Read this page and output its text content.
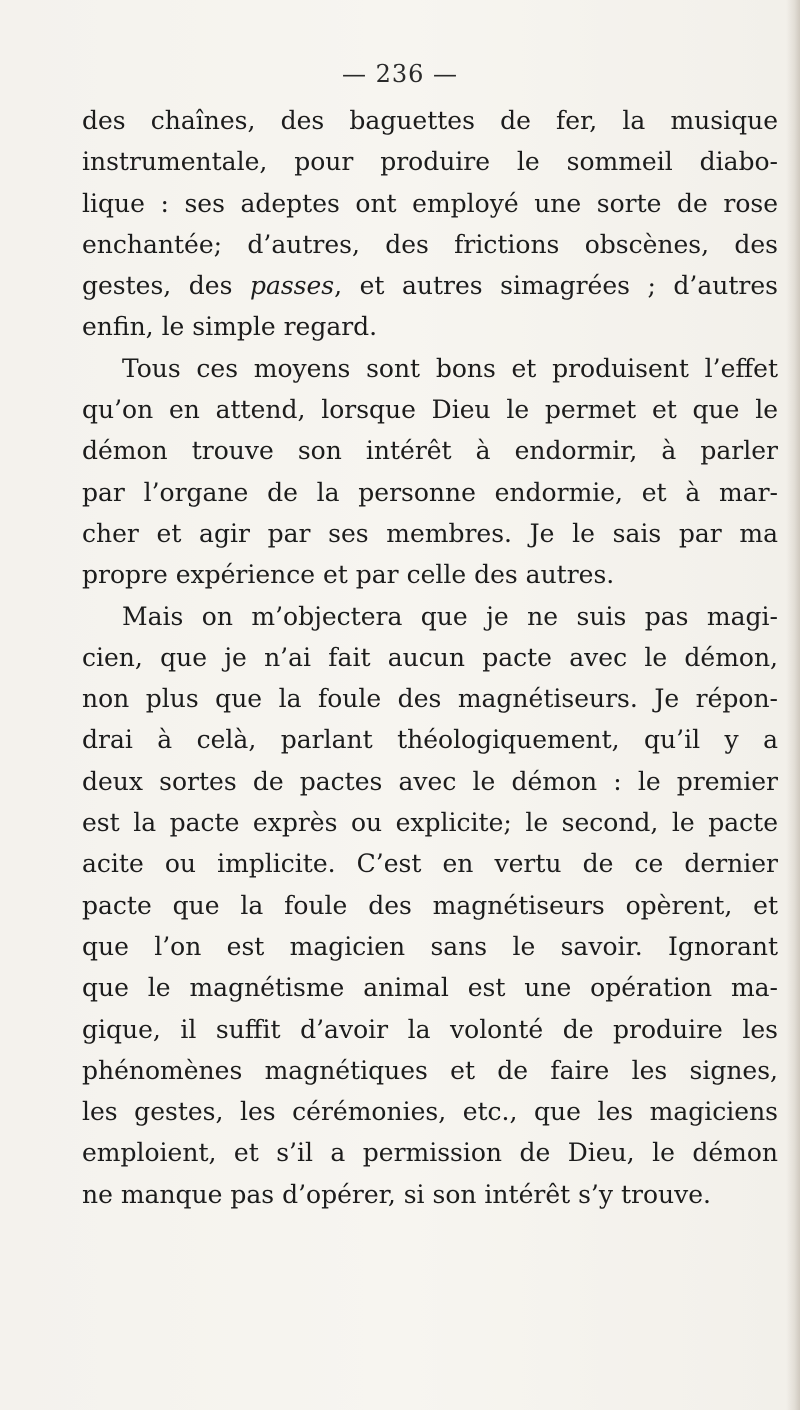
— 236 —
des chaînes, des baguettes de fer, la musique
instrumentale, pour produire le sommeil diabo-
lique : ses adeptes ont employé une sorte de rose
enchantée; d’autres, des frictions obscènes, des
gestes, des passes, et autres simagrées ; d’autres
enfin, le simple regard.
Tous ces moyens sont bons et produisent l’effet
qu’on en attend, lorsque Dieu le permet et que le
démon trouve son intérêt à endormir, à parler
par l’organe de la personne endormie, et à mar-
cher et agir par ses membres. Je le sais par ma
propre expérience et par celle des autres.
Mais on m’objectera que je ne suis pas magi-
cien, que je n’ai fait aucun pacte avec le démon,
non plus que la foule des magnétiseurs. Je répon-
drai à celà, parlant théologiquement, qu’il y a
deux sortes de pactes avec le démon : le premier
est la pacte exprès ou explicite; le second, le pacte
acite ou implicite. C’est en vertu de ce dernier
pacte que la foule des magnétiseurs opèrent, et
que l’on est magicien sans le savoir. Ignorant
que le magnétisme animal est une opération ma-
gique, il suffit d’avoir la volonté de produire les
phénomènes magnétiques et de faire les signes,
les gestes, les cérémonies, etc., que les magiciens
emploient, et s’il a permission de Dieu, le démon
ne manque pas d’opérer, si son intérêt s’y trouve.
